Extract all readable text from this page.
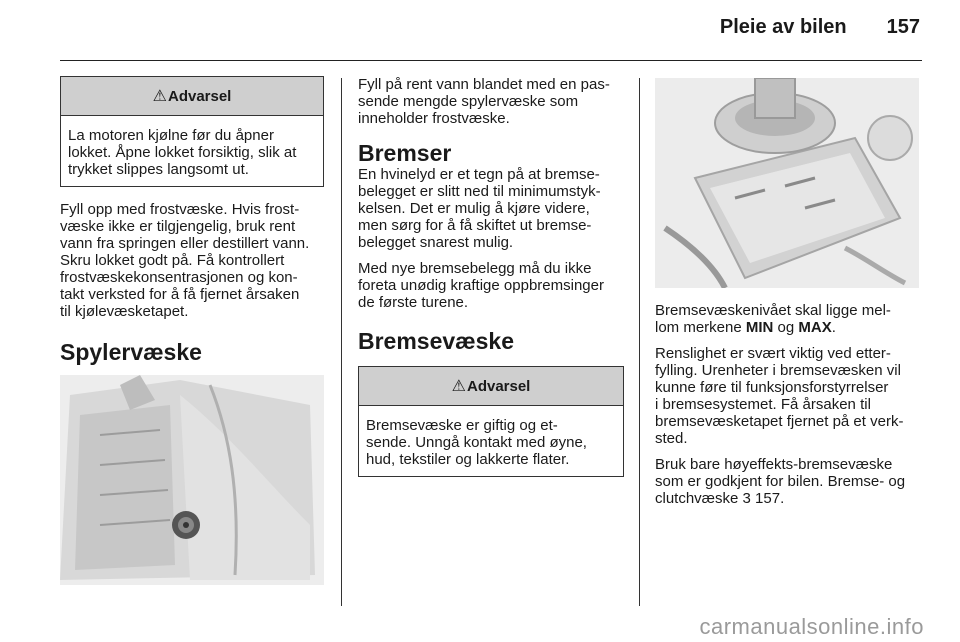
Pleie av bilen 157
⚠ Advarsel
La motoren kjølne før du åpner lokket. Åpne lokket forsiktig, slik at trykket slippes langsomt ut.

Fyll opp med frostvæske. Hvis frost-
væske ikke er tilgjengelig, bruk rent
vann fra springen eller destillert vann.
Skru lokket godt på. Få kontrollert
frostvæskekonsentrasjonen og kon-
takt verksted for å få fjernet årsaken
til kjølevæsketapet.

Spylervæske

Fyll på rent vann blandet med en pas-
sende mengde spylervæske som
inneholder frostvæske.

Bremser

En hvinelyd er et tegn på at bremse-
belegget er slitt ned til minimumstyk-
kelsen. Det er mulig å kjøre videre,
men sørg for å få skiftet ut bremse-
belegget snarest mulig.

Med nye bremsebelegg må du ikke
foreta unødig kraftige oppbremsinger
de første turene.

Bremsevæske
⚠ Advarsel
Bremsevæske er giftig og et-
sende. Unngå kontakt med øyne,
hud, tekstiler og lakkerte flater.

Bremsevæskenivået skal ligge mel-
lom merkene MIN og MAX.

Renslighet er svært viktig ved etter-
fylling. Urenheter i bremsevæsken vil
kunne føre til funksjonsforstyrrelser
i bremsesystemet. Få årsaken til
bremsevæsketapet fjernet på et verk-
sted.

Bruk bare høyeffekts-bremsevæske
som er godkjent for bilen. Bremse- og
clutchvæske 3 157.

carmanualsonline.info
